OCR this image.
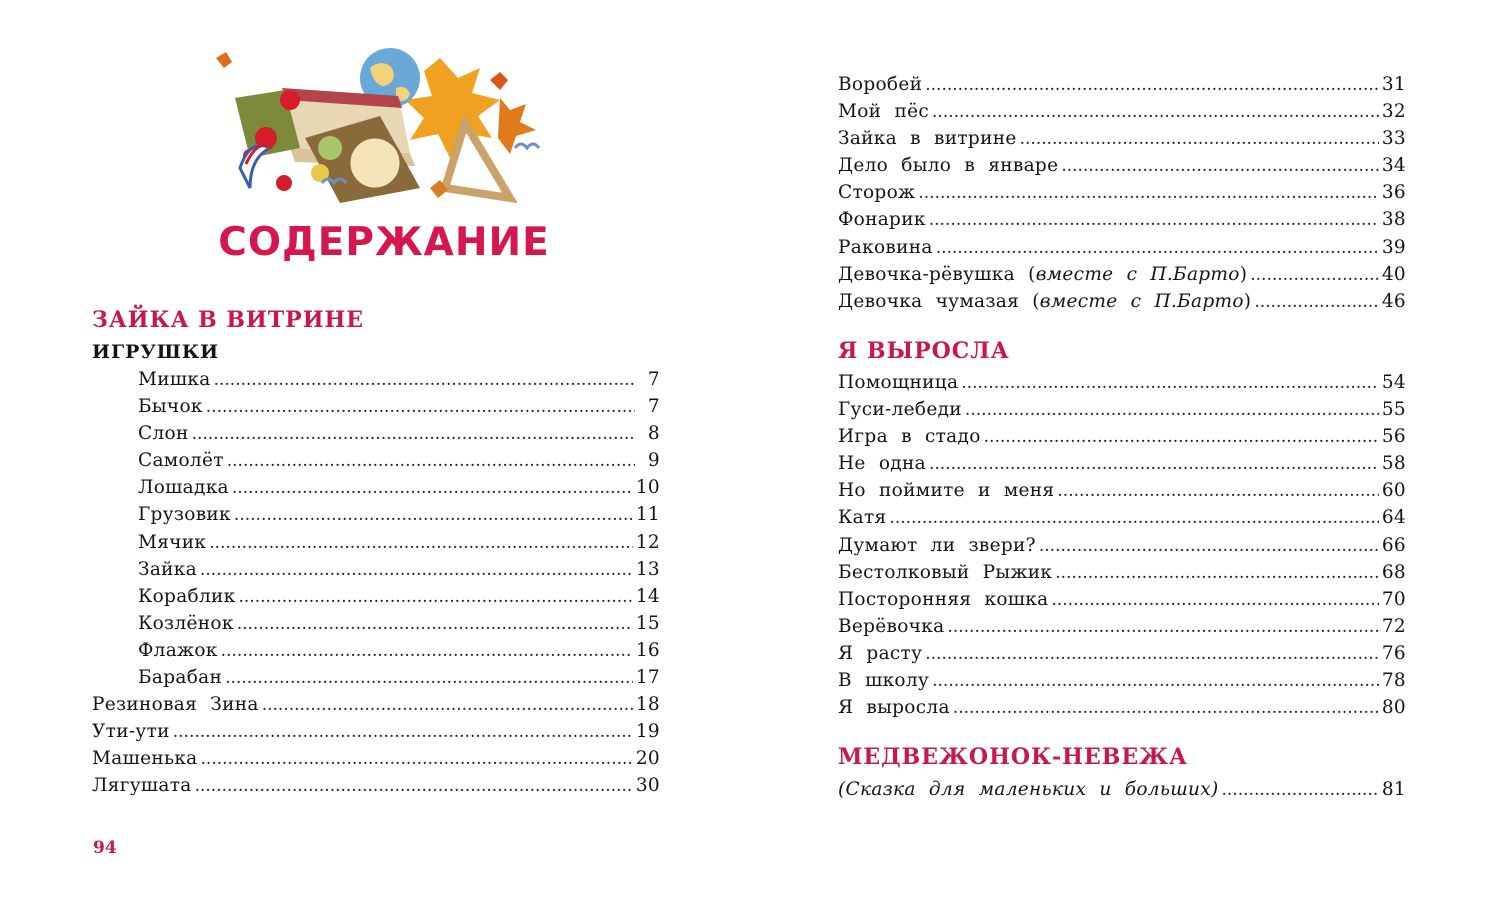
СОДЕРЖАНИЕ
ЗАЙКА В ВИТРИНЕ
ИГРУШКИ
Мишка .....	7
Бычок .....	7
Слон .....	8
Самолёт .....	9
Лошадка .....	10
Грузовик .....	11
Мячик .....	12
Зайка .....	13
Кораблик .....	14
Козлёнок .....	15
Флажок .....	16
Барабан .....	17
Резиновая Зина .....	18
Ути-ути .....	19
Машенька .....	20
Лягушата .....	30
94
Воробей .....	31
Мой пёс .....	32
Зайка в витрине .....	33
Дело было в январе .....	34
Сторож .....	36
Фонарик .....	38
Раковина .....	39
Девочка-рёвушка (вместе с П.Барто) .....	40
Девочка чумазая (вместе с П.Барто) .....	46
Я ВЫРОСЛА
Помощница .....	54
Гуси-лебеди .....	55
Игра в стадо .....	56
Не одна .....	58
Но поймите и меня .....	60
Катя .....	64
Думают ли звери? .....	66
Бестолковый Рыжик .....	68
Посторонняя кошка .....	70
Верёвочка .....	72
Я расту .....	76
В школу .....	78
Я выросла .....	80
МЕДВЕЖОНОК-НЕВЕЖА
(Сказка для маленьких и больших) .....	81
